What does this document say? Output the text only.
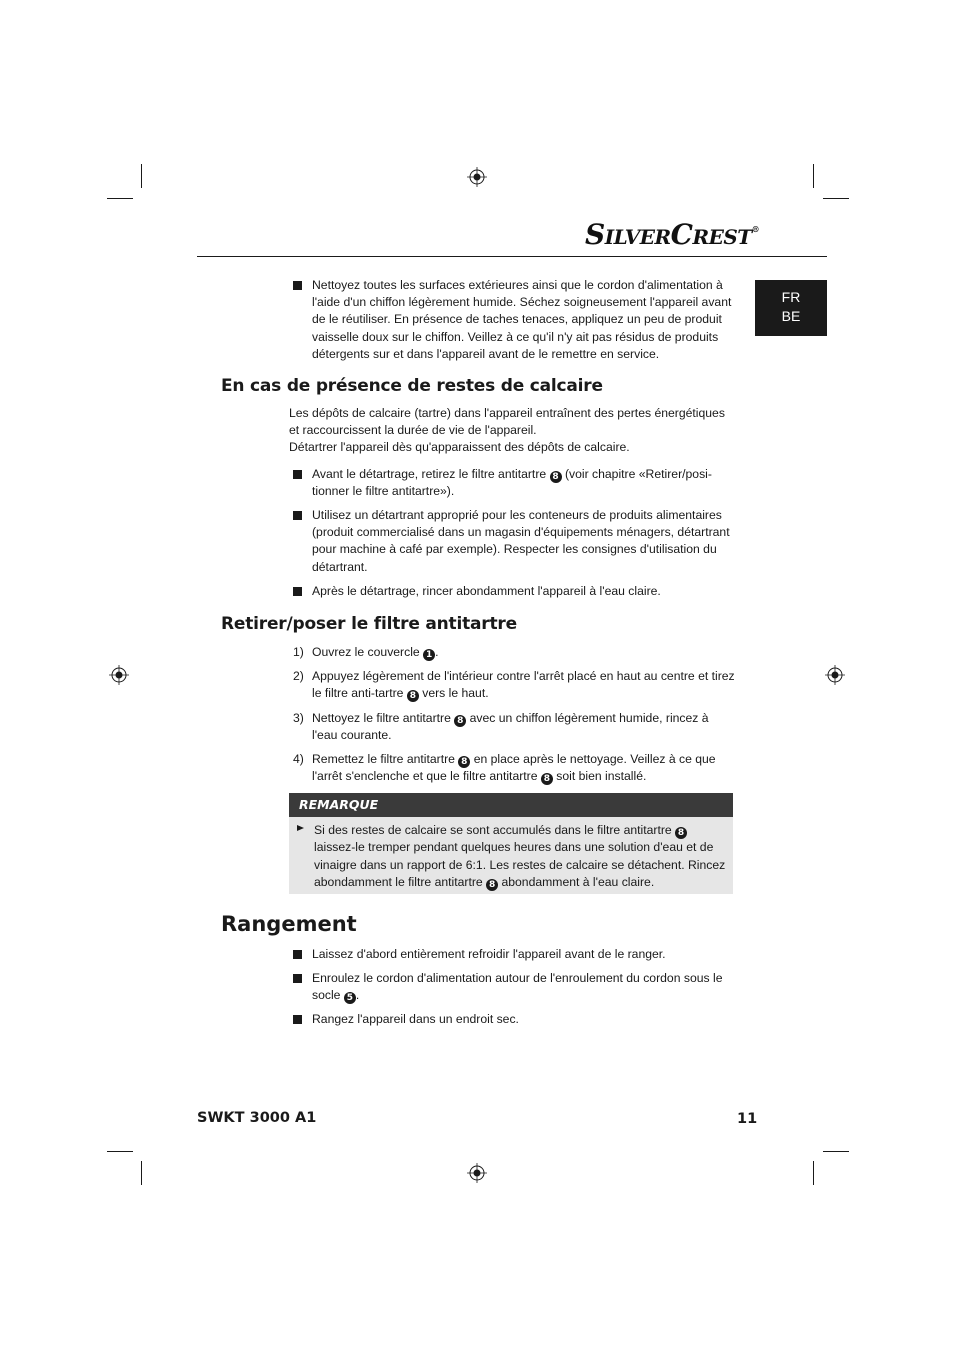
SILVERCREST®
FR
BE
Nettoyez toutes les surfaces extérieures ainsi que le cordon d'alimentation à l'aide d'un chiffon légèrement humide. Séchez soigneusement l'appareil avant de le réutiliser. En présence de taches tenaces, appliquez un peu de produit vaisselle doux sur le chiffon. Veillez à ce qu'il n'y ait pas résidus de produits détergents sur et dans l'appareil avant de le remettre en service.
En cas de présence de restes de calcaire
Les dépôts de calcaire (tartre) dans l'appareil entraînent des pertes énergétiques et raccourcissent la durée de vie de l'appareil.
Détartrer l'appareil dès qu'apparaissent des dépôts de calcaire.
Avant le détartrage, retirez le filtre antitartre 8 (voir chapitre «Retirer/posi-tionner le filtre antitartre»).
Utilisez un détartrant approprié pour les conteneurs de produits alimentaires (produit commercialisé dans un magasin d'équipements ménagers, détartrant pour machine à café par exemple). Respecter les consignes d'utilisation du détartrant.
Après le détartrage, rincer abondamment l'appareil à l'eau claire.
Retirer/poser le filtre antitartre
1) Ouvrez le couvercle 1 .
2) Appuyez légèrement de l'intérieur contre l'arrêt placé en haut au centre et tirez le filtre anti-tartre 8 vers le haut.
3) Nettoyez le filtre antitartre 8 avec un chiffon légèrement humide, rincez à l'eau courante.
4) Remettez le filtre antitartre 8 en place après le nettoyage. Veillez à ce que l'arrêt s'enclenche et que le filtre antitartre 8 soit bien installé.
REMARQUE
Si des restes de calcaire se sont accumulés dans le filtre antitartre 8 laissez-le tremper pendant quelques heures dans une solution d'eau et de vinaigre dans un rapport de 6:1. Les restes de calcaire se détachent. Rincez abondamment le filtre antitartre 8 abondamment à l'eau claire.
Rangement
Laissez d'abord entièrement refroidir l'appareil avant de le ranger.
Enroulez le cordon d'alimentation autour de l'enroulement du cordon sous le socle 5 .
Rangez l'appareil dans un endroit sec.
SWKT 3000 A1	11
